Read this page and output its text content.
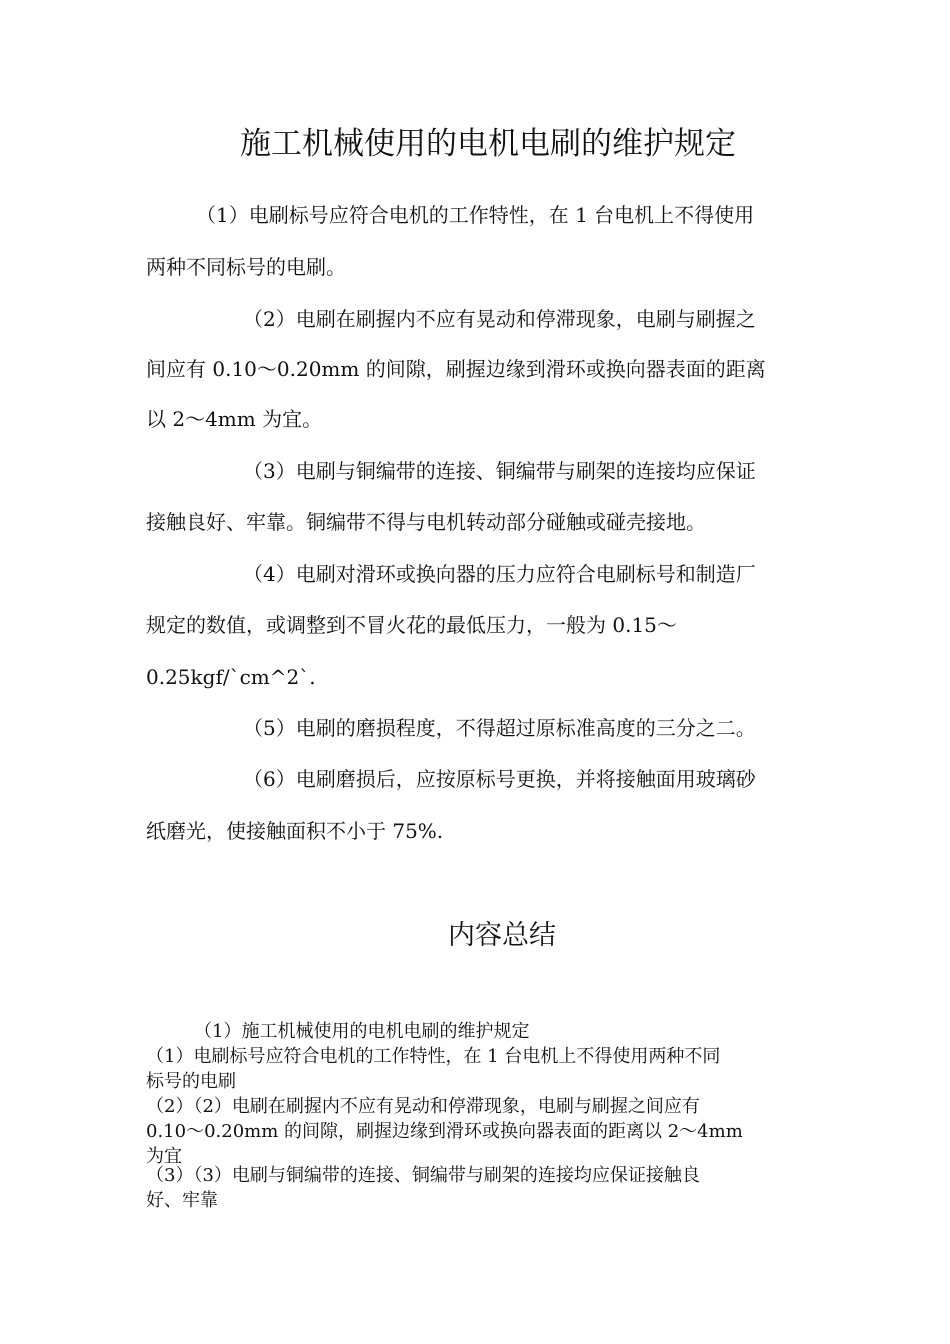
施工机械使用的电机电刷的维护规定

（1）电刷标号应符合电机的工作特性，在 1 台电机上不得使用

两种不同标号的电刷。

（2）电刷在刷握内不应有晃动和停滞现象，电刷与刷握之

间应有 0.10～0.20mm 的间隙，刷握边缘到滑环或换向器表面的距离

以 2～4mm 为宜。

（3）电刷与铜编带的连接、铜编带与刷架的连接均应保证

接触良好、牢靠。铜编带不得与电机转动部分碰触或碰壳接地。

（4）电刷对滑环或换向器的压力应符合电刷标号和制造厂

规定的数值，或调整到不冒火花的最低压力，一般为 0.15～

0.25kgf/`cm^2`.

（5）电刷的磨损程度，不得超过原标准高度的三分之二。

（6）电刷磨损后，应按原标号更换，并将接触面用玻璃砂

纸磨光，使接触面积不小于 75%.

内容总结

（1）施工机械使用的电机电刷的维护规定

（1）电刷标号应符合电机的工作特性，在 1 台电机上不得使用两种不同

标号的电刷

（2）（2）电刷在刷握内不应有晃动和停滞现象，电刷与刷握之间应有

0.10～0.20mm 的间隙，刷握边缘到滑环或换向器表面的距离以 2～4mm

为宜

（3）（3）电刷与铜编带的连接、铜编带与刷架的连接均应保证接触良

好、牢靠
